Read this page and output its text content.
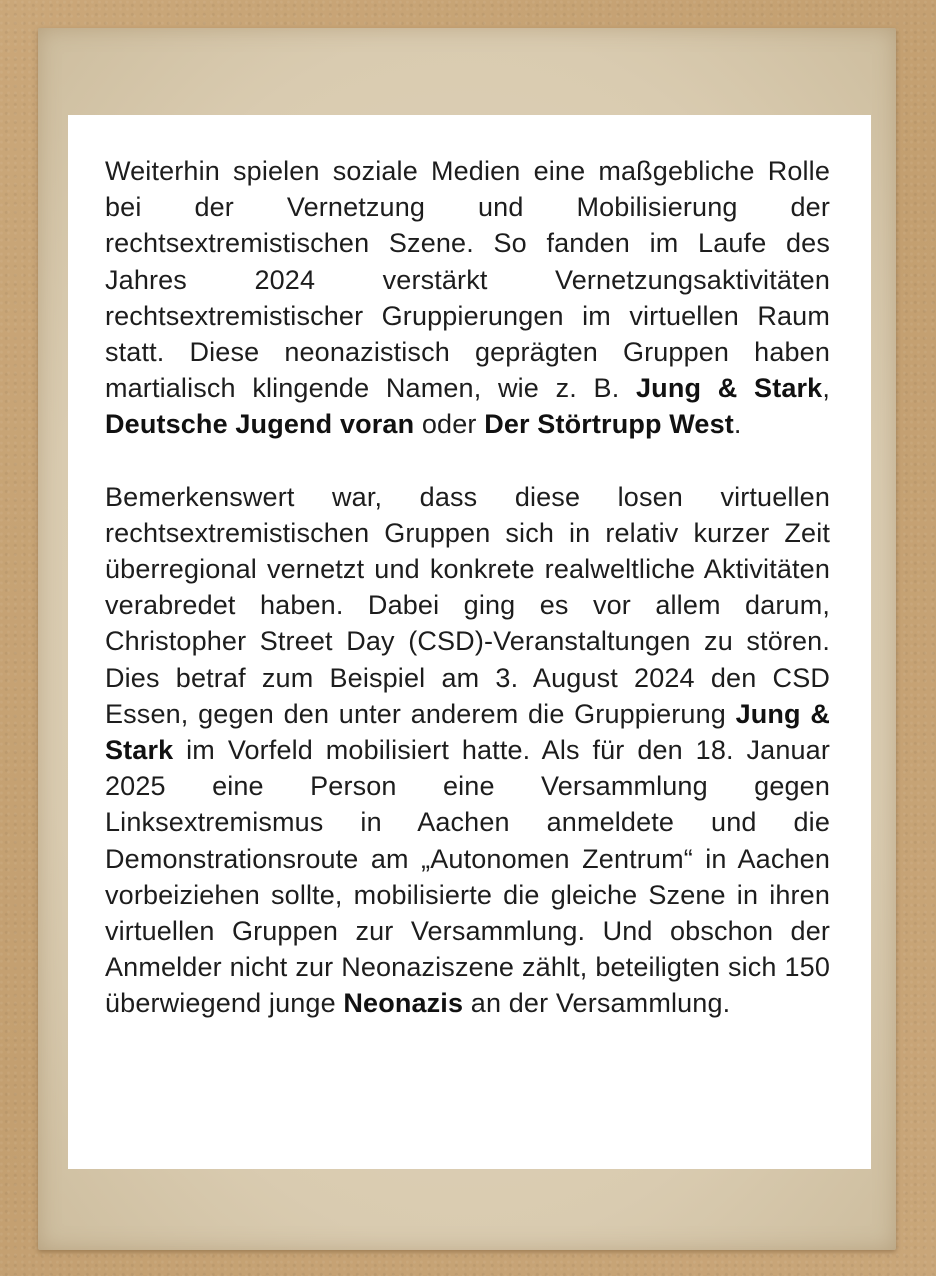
Weiterhin spielen soziale Medien eine maßgebliche Rolle bei der Vernetzung und Mobilisierung der rechtsextremistischen Szene. So fanden im Laufe des Jahres 2024 verstärkt Vernetzungsaktivitäten rechtsextremistischer Gruppierungen im virtuellen Raum statt. Diese neonazistisch geprägten Gruppen haben martialisch klingende Namen, wie z. B. Jung & Stark, Deutsche Jugend voran oder Der Störtrupp West.

Bemerkenswert war, dass diese losen virtuellen rechtsextremistischen Gruppen sich in relativ kurzer Zeit überregional vernetzt und konkrete realweltliche Aktivitäten verabredet haben. Dabei ging es vor allem darum, Christopher Street Day (CSD)-Veranstaltungen zu stören. Dies betraf zum Beispiel am 3. August 2024 den CSD Essen, gegen den unter anderem die Gruppierung Jung & Stark im Vorfeld mobilisiert hatte. Als für den 18. Januar 2025 eine Person eine Versammlung gegen Linksextremismus in Aachen anmeldete und die Demonstrationsroute am „Autonomen Zentrum“ in Aachen vorbeiziehen sollte, mobilisierte die gleiche Szene in ihren virtuellen Gruppen zur Versammlung. Und obschon der Anmelder nicht zur Neonaziszene zählt, beteiligten sich 150 überwiegend junge Neonazis an der Versammlung.
